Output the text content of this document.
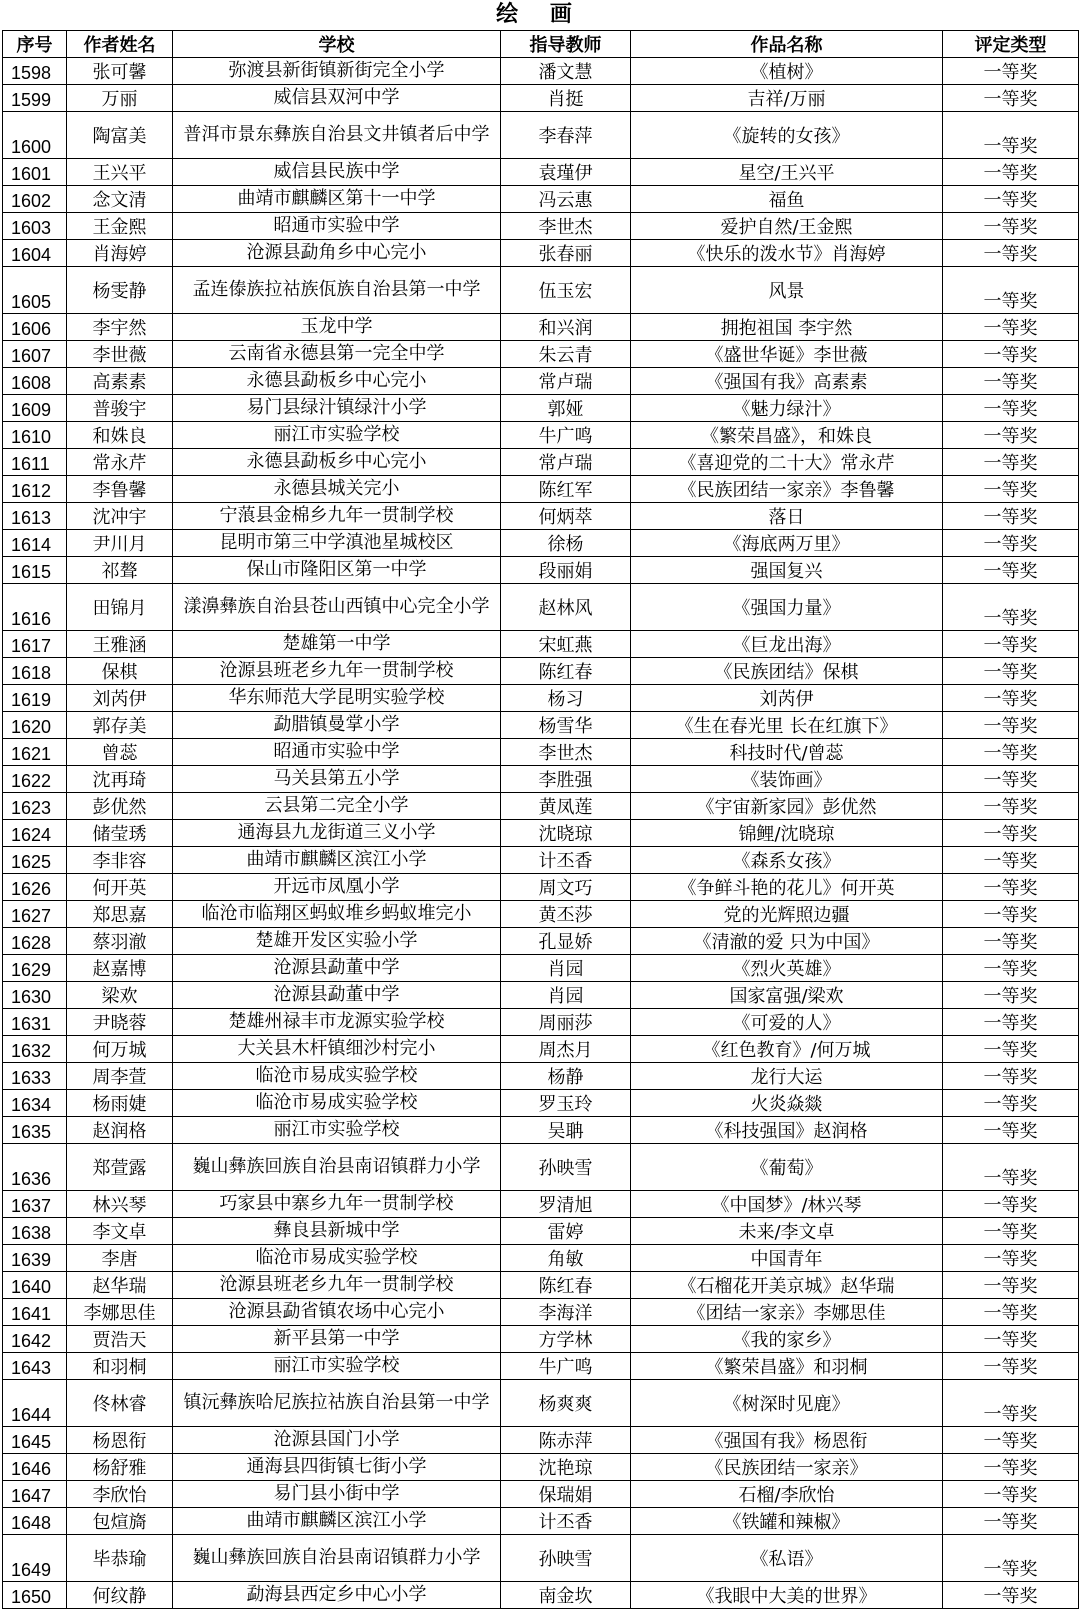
绘 画
序号	作者姓名	学校	指导教师	作品名称	评定类型
1598	张可馨	弥渡县新街镇新街完全小学	潘文慧	《植树》	一等奖
1599	万丽	威信县双河中学	肖挺	吉祥/万丽	一等奖
1600	陶富美	普洱市景东彝族自治县文井镇者后中学	李春萍	《旋转的女孩》	一等奖
1601	王兴平	威信县民族中学	袁瑾伊	星空/王兴平	一等奖
1602	念文清	曲靖市麒麟区第十一中学	冯云惠	福鱼	一等奖
1603	王金熙	昭通市实验中学	李世杰	爱护自然/王金熙	一等奖
1604	肖海婷	沧源县勐角乡中心完小	张春丽	《快乐的泼水节》肖海婷	一等奖
1605	杨雯静	孟连傣族拉祜族佤族自治县第一中学	伍玉宏	风景	一等奖
1606	李宇然	玉龙中学	和兴润	拥抱祖国 李宇然	一等奖
1607	李世薇	云南省永德县第一完全中学	朱云青	《盛世华诞》李世薇	一等奖
1608	高素素	永德县勐板乡中心完小	常卢瑞	《强国有我》高素素	一等奖
1609	普骏宇	易门县绿汁镇绿汁小学	郭娅	《魅力绿汁》	一等奖
1610	和姝良	丽江市实验学校	牛广鸣	《繁荣昌盛》，和姝良	一等奖
1611	常永芹	永德县勐板乡中心完小	常卢瑞	《喜迎党的二十大》常永芹	一等奖
1612	李鲁馨	永德县城关完小	陈红军	《民族团结一家亲》李鲁馨	一等奖
1613	沈冲宇	宁蒗县金棉乡九年一贯制学校	何炳萃	落日	一等奖
1614	尹川月	昆明市第三中学滇池星城校区	徐杨	《海底两万里》	一等奖
1615	祁聱	保山市隆阳区第一中学	段丽娟	强国复兴	一等奖
1616	田锦月	漾濞彝族自治县苍山西镇中心完全小学	赵林风	《强国力量》	一等奖
1617	王雅涵	楚雄第一中学	宋虹燕	《巨龙出海》	一等奖
1618	保棋	沧源县班老乡九年一贯制学校	陈红春	《民族团结》保棋	一等奖
1619	刘芮伊	华东师范大学昆明实验学校	杨习	刘芮伊	一等奖
1620	郭存美	勐腊镇曼掌小学	杨雪华	《生在春光里 长在红旗下》	一等奖
1621	曾蕊	昭通市实验中学	李世杰	科技时代/曾蕊	一等奖
1622	沈再琦	马关县第五小学	李胜强	《装饰画》	一等奖
1623	彭优然	云县第二完全小学	黄凤莲	《宇宙新家园》彭优然	一等奖
1624	储莹琇	通海县九龙街道三义小学	沈晓琼	锦鲤/沈晓琼	一等奖
1625	李非容	曲靖市麒麟区滨江小学	计丕香	《森系女孩》	一等奖
1626	何开英	开远市凤凰小学	周文巧	《争鲜斗艳的花儿》何开英	一等奖
1627	郑思嘉	临沧市临翔区蚂蚁堆乡蚂蚁堆完小	黄丕莎	党的光辉照边疆	一等奖
1628	蔡羽澈	楚雄开发区实验小学	孔显娇	《清澈的爱 只为中国》	一等奖
1629	赵嘉博	沧源县勐董中学	肖园	《烈火英雄》	一等奖
1630	梁欢	沧源县勐董中学	肖园	国家富强/梁欢	一等奖
1631	尹晓蓉	楚雄州禄丰市龙源实验学校	周丽莎	《可爱的人》	一等奖
1632	何万城	大关县木杆镇细沙村完小	周杰月	《红色教育》/何万城	一等奖
1633	周李萱	临沧市易成实验学校	杨静	龙行大运	一等奖
1634	杨雨婕	临沧市易成实验学校	罗玉玲	火炎焱燚	一等奖
1635	赵润格	丽江市实验学校	吴聃	《科技强国》赵润格	一等奖
1636	郑萱露	巍山彝族回族自治县南诏镇群力小学	孙映雪	《葡萄》	一等奖
1637	林兴琴	巧家县中寨乡九年一贯制学校	罗清旭	《中国梦》/林兴琴	一等奖
1638	李文卓	彝良县新城中学	雷婷	未来/李文卓	一等奖
1639	李唐	临沧市易成实验学校	角敏	中国青年	一等奖
1640	赵华瑞	沧源县班老乡九年一贯制学校	陈红春	《石榴花开美京城》赵华瑞	一等奖
1641	李娜思佳	沧源县勐省镇农场中心完小	李海洋	《团结一家亲》李娜思佳	一等奖
1642	贾浩天	新平县第一中学	方学林	《我的家乡》	一等奖
1643	和羽桐	丽江市实验学校	牛广鸣	《繁荣昌盛》和羽桐	一等奖
1644	佟林睿	镇沅彝族哈尼族拉祜族自治县第一中学	杨爽爽	《树深时见鹿》	一等奖
1645	杨恩衔	沧源县国门小学	陈赤萍	《强国有我》杨恩衔	一等奖
1646	杨舒雅	通海县四街镇七街小学	沈艳琼	《民族团结一家亲》	一等奖
1647	李欣怡	易门县小街中学	保瑞娟	石榴/李欣怡	一等奖
1648	包煊旖	曲靖市麒麟区滨江小学	计丕香	《铁罐和辣椒》	一等奖
1649	毕恭瑜	巍山彝族回族自治县南诏镇群力小学	孙映雪	《私语》	一等奖
1650	何纹静	勐海县西定乡中心小学	南金坎	《我眼中大美的世界》	一等奖
